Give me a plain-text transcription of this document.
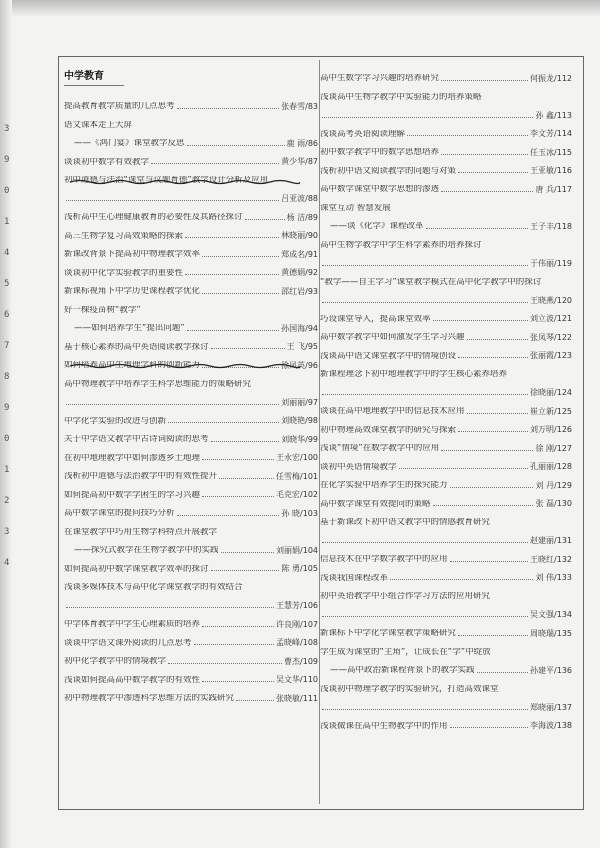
3
9
0
1
4
5
6
7
8
9
0
1
2
3
4
中学教育
提高教育教学质量的几点思考	张春雪/83
语文课本走上大屏
——《鸿门宴》课堂教学反思	鹿 雨/86
谈谈初中数学有效教学	黄少华/87
初中道德与法治“课堂与议题育德”教学设计分析及应用
吕亚波/88
浅析高中生心理健康教育的必要性及其路径探讨	杨 洁/89
高三生物学复习高效策略的探索	林晓丽/90
新课改背景下提高初中物理教学效率	郑成名/91
谈谈初中化学实验教学的重要性	黄德娟/92
新课标视角下中学历史课程教学优化	邵红岩/93
好一棵疫苗树“教学”
——如何培养学生“提出问题”	孙国海/94
基于核心素养的高中英语阅读教学探讨	王 飞/95
如何培养高中生地理学科的创新能力	徐凤英/96
高中物理教学中培养学生科学思维能力的策略研究
刘丽丽/97
中学化学实验的改进与创新	刘晓艳/98
关于中学语文教学中古诗词阅读的思考	刘晓华/99
在初中地理教学中如何渗透乡土地理	王永宏/100
浅析初中道德与法治教学中的有效性提升	任雪梅/101
如何提高初中数学学困生的学习兴趣	毛克宏/102
高中数学课堂的提问技巧分析	孙 晓/103
在课堂教学中巧用生物学科特点开展教学
——探究式教学在生物学教学中的实践	刘丽娟/104
如何提高初中数学课堂教学效率的探讨	陈 勇/105
浅谈多媒体技术与高中化学课堂教学的有效结合
王慧芳/106
中学体育教学中学生心理素质的培养	许良刚/107
谈谈中学语文课外阅读的几点思考	孟晓峰/108
初中化学教学中的情境教学	曹杰/109
浅谈如何提高高中数学教学的有效性	吴文华/110
初中物理教学中渗透科学思维方法的实践研究	张晓敏/111
高中生数学学习兴趣的培养研究	何振龙/112
浅谈高中生物学教学中实验能力的培养策略
孙 鑫/113
浅谈高考英语阅读理解	李文芳/114
初中数学教学中的数学思想培养	任玉冰/115
浅析初中语文阅读教学的问题与对策	王亚敏/116
高中数学课堂中数学思想的渗透	唐 兵/117
课堂互动 智慧发展
——谈《化学》课程改革	王子丰/118
高中生物学教学中学生科学素养的培养探讨
于伟丽/119
“教学——自主学习”课堂教学模式在高中化学教学中的探讨
王晓燕/120
巧设课堂导入，提高课堂效率	刘立波/121
高中数学教学中如何激发学生学习兴趣	张凤琴/122
浅谈高中语文课堂教学中的情境创设	张丽霞/123
新课程理念下初中地理教学中的学生核心素养培养
徐晓丽/124
谈谈在高中地理教学中的信息技术应用	崔立新/125
初中物理高效课堂教学的研究与探索	刘万明/126
浅谈“情境”在数学教学中的应用	徐 刚/127
谈初中英语情境教学	孔丽丽/128
在化学实验中培养学生的探究能力	刘 丹/129
高中数学课堂有效提问的策略	张 磊/130
基于新课改下初中语文教学中的情感教育研究
赵建丽/131
信息技术在中学数学教学中的应用	王晓红/132
浅谈我国课程改革	刘 伟/133
初中英语教学中小组合作学习方法的应用研究
吴文强/134
新课标下中学化学课堂教学策略研究	周晓瑞/135
学生成为课堂的“主角”，让成长在“学”中绽放
——高中政治新课程背景下的教学实践	孙建平/136
浅谈初中物理学教学的实验研究，打造高效课堂
郑晓丽/137
浅谈微课在高中生物教学中的作用	李海波/138
